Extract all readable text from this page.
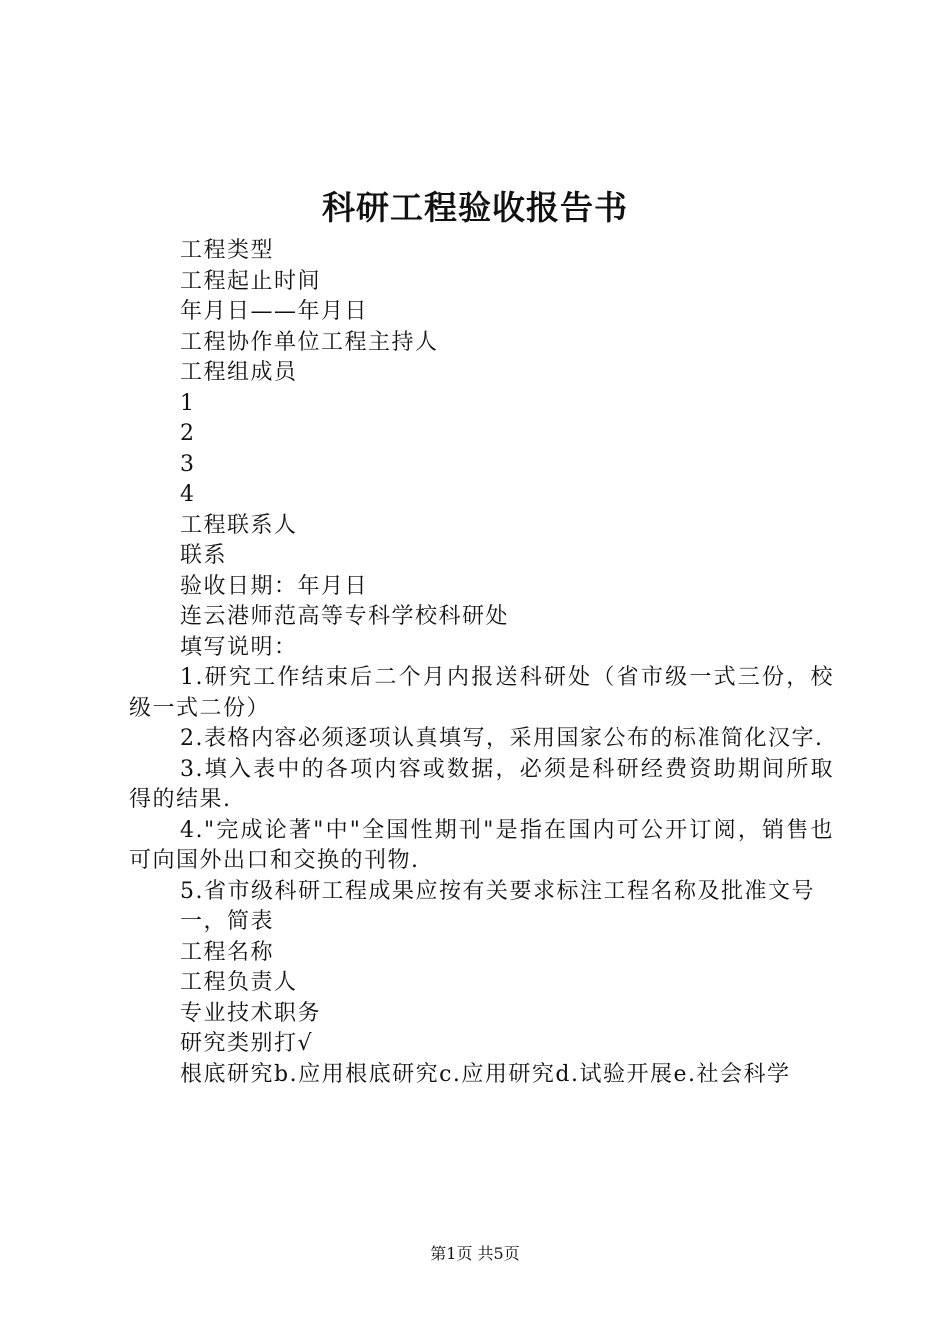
科研工程验收报告书
工程类型
工程起止时间
年月日——年月日
工程协作单位工程主持人
工程组成员
1
2
3
4
工程联系人
联系
验收日期：年月日
连云港师范高等专科学校科研处
填写说明：
1.研究工作结束后二个月内报送科研处（省市级一式三份，校级一式二份）
2.表格内容必须逐项认真填写，采用国家公布的标准简化汉字.
3.填入表中的各项内容或数据，必须是科研经费资助期间所取得的结果.
4."完成论著"中"全国性期刊"是指在国内可公开订阅，销售也可向国外出口和交换的刊物.
5.省市级科研工程成果应按有关要求标注工程名称及批准文号
一，简表
工程名称
工程负责人
专业技术职务
研究类别打√
根底研究b.应用根底研究c.应用研究d.试验开展e.社会科学
第1页 共5页
